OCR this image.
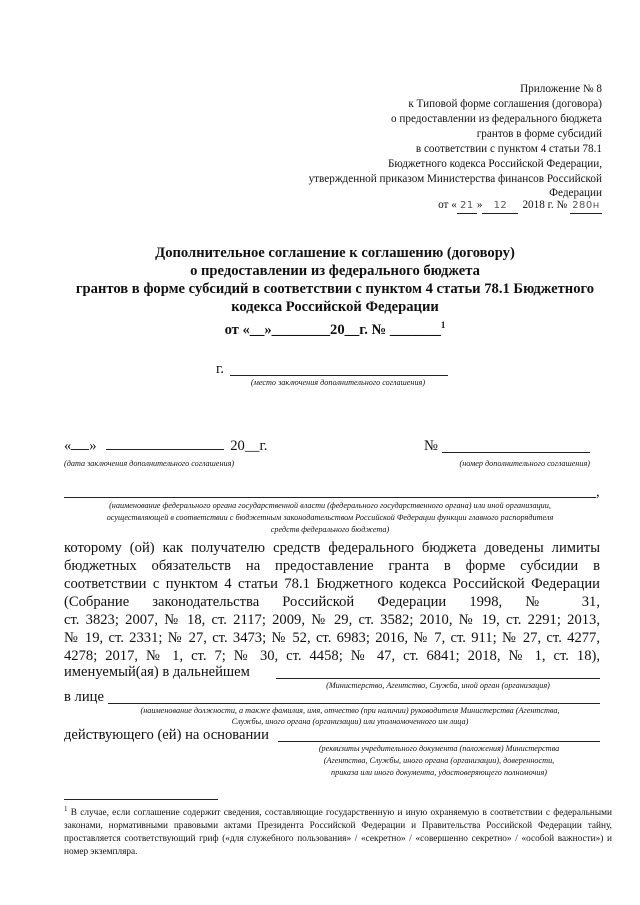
Приложение № 8
к Типовой форме соглашения (договора)
о предоставлении из федерального бюджета
грантов в форме субсидий
в соответствии с пунктом 4 статьи 78.1
Бюджетного кодекса Российской Федерации,
утвержденной приказом Министерства финансов Российской
Федерации
от « 21 » 12 2018 г. № 280н
Дополнительное соглашение к соглашению (договору)
о предоставлении из федерального бюджета
грантов в форме субсидий в соответствии с пунктом 4 статьи 78.1 Бюджетного
кодекса Российской Федерации
от «__»________20__г. № _______$^1$
г.
(место заключения дополнительного соглашения)
« »	20__г.
(дата заключения дополнительного соглашения)
№
(номер дополнительного соглашения)
,
(наименование федерального органа государственной власти (федерального государственного органа) или иной организации,
осуществляющей в соответствии с бюджетным законодательством Российской Федерации функции главного распорядителя
средств федерального бюджета)
которому (ой) как получателю средств федерального бюджета доведены лимиты
бюджетных обязательств на предоставление гранта в форме субсидии в
соответствии с пунктом 4 статьи 78.1 Бюджетного кодекса Российской Федерации
(Собрание законодательства Российской Федерации 1998, № 31,
ст. 3823; 2007, № 18, ст. 2117; 2009, № 29, ст. 3582; 2010, № 19, ст. 2291; 2013,
№ 19, ст. 2331; № 27, ст. 3473; № 52, ст. 6983; 2016, № 7, ст. 911; № 27, ст. 4277,
4278; 2017, № 1, ст. 7; № 30, ст. 4458; № 47, ст. 6841; 2018, № 1, ст. 18),
именуемый(ая) в дальнейшем
(Министерство, Агентство, Служба, иной орган (организация)
в лице
(наименование должности, а также фамилия, имя, отчество (при наличии) руководителя Министерства (Агентства,
Службы, иного органа (организации) или уполномоченного им лица)
действующего (ей) на основании
(реквизиты учредительного документа (положения) Министерства
(Агентства, Службы, иного органа (организации), доверенности,
приказа или иного документа, удостоверяющего полномочия)
$^1$ В случае, если соглашение содержит сведения, составляющие государственную и иную охраняемую в соответствии с федеральными законами, нормативными правовыми актами Президента Российской Федерации и Правительства Российской Федерации тайну, проставляется соответствующий гриф («для служебного пользования» / «секретно» / «совершенно секретно» / «особой важности») и номер экземпляра.
